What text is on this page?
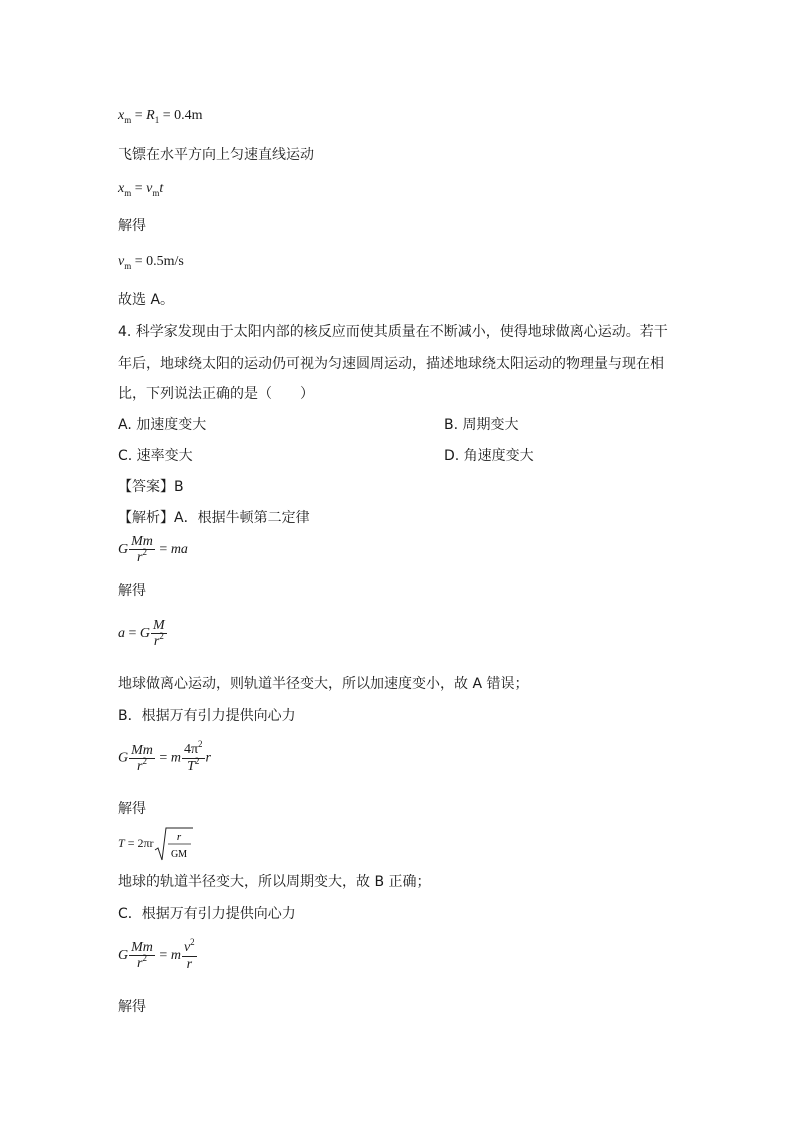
$x_m = R_1 = 0.4m$
飞镖在水平方向上匀速直线运动
$x_m = v_mt$
解得
$v_m = 0.5m/s$
故选 A。
4. 科学家发现由于太阳内部的核反应而使其质量在不断减小，使得地球做离心运动。若干
年后，地球绕太阳的运动仍可视为匀速圆周运动，描述地球绕太阳运动的物理量与现在相
比，下列说法正确的是（　　）
A. 加速度变大	B. 周期变大
C. 速率变大	D. 角速度变大
【答案】B
【解析】A．根据牛顿第二定律
G $\frac{Mm}{r^2}$ = ma
解得
a = G $\frac{M}{r^2}$
地球做离心运动，则轨道半径变大，所以加速度变小，故 A 错误；
B．根据万有引力提供向心力
G $\frac{Mm}{r^2} = m \frac{4\pi^2}{T^2}$ r
解得
T = 2πr r
GM
地球的轨道半径变大，所以周期变大，故 B 正确；
C．根据万有引力提供向心力
G $\frac{Mm}{r^2} = m \frac{v^2}{r}$
解得
